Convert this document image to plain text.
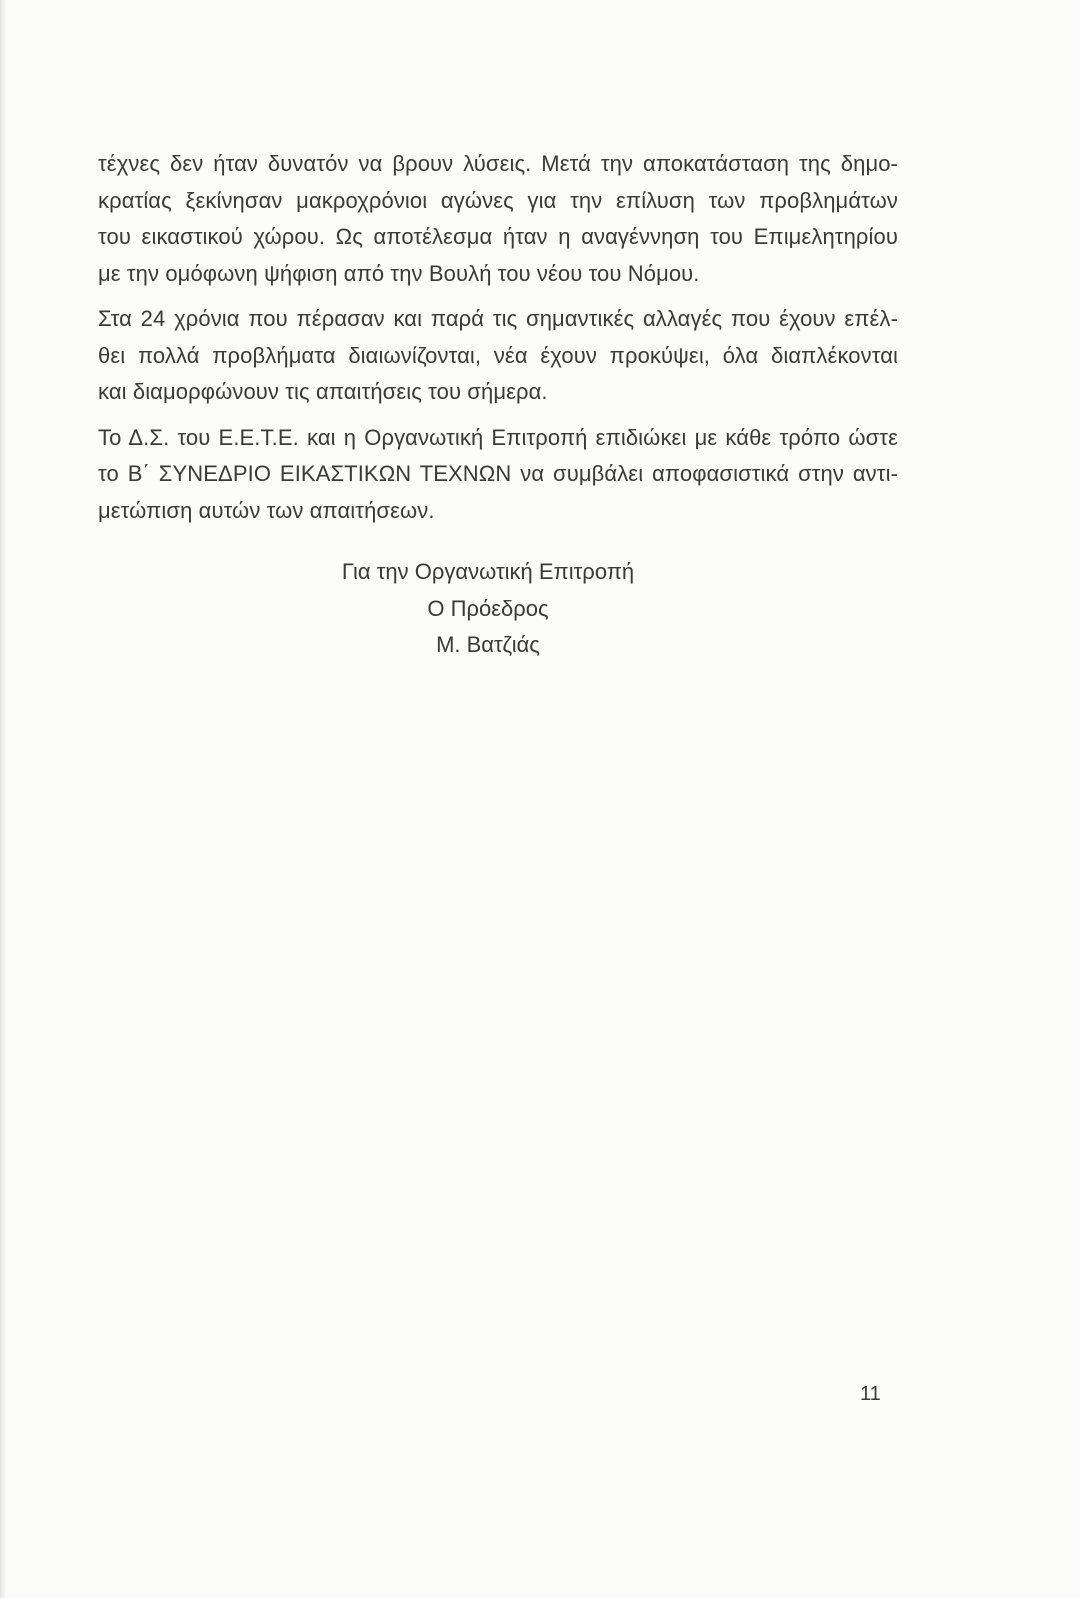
τέχνες δεν ήταν δυνατόν να βρουν λύσεις. Μετά την αποκατάσταση της δημο-
κρατίας ξεκίνησαν μακροχρόνιοι αγώνες για την επίλυση των προβλημάτων
του εικαστικού χώρου. Ως αποτέλεσμα ήταν η αναγέννηση του Επιμελητηρίου
με την ομόφωνη ψήφιση από την Βουλή του νέου του Νόμου.
Στα 24 χρόνια που πέρασαν και παρά τις σημαντικές αλλαγές που έχουν επέλ-
θει πολλά προβλήματα διαιωνίζονται, νέα έχουν προκύψει, όλα διαπλέκονται
και διαμορφώνουν τις απαιτήσεις του σήμερα.
Το Δ.Σ. του Ε.Ε.Τ.Ε. και η Οργανωτική Επιτροπή επιδιώκει με κάθε τρόπο ώστε
το Β΄ ΣΥΝΕΔΡΙΟ ΕΙΚΑΣΤΙΚΩΝ ΤΕΧΝΩΝ να συμβάλει αποφασιστικά στην αντι-
μετώπιση αυτών των απαιτήσεων.
Για την Οργανωτική Επιτροπή
Ο Πρόεδρος
Μ. Βατζιάς
11
